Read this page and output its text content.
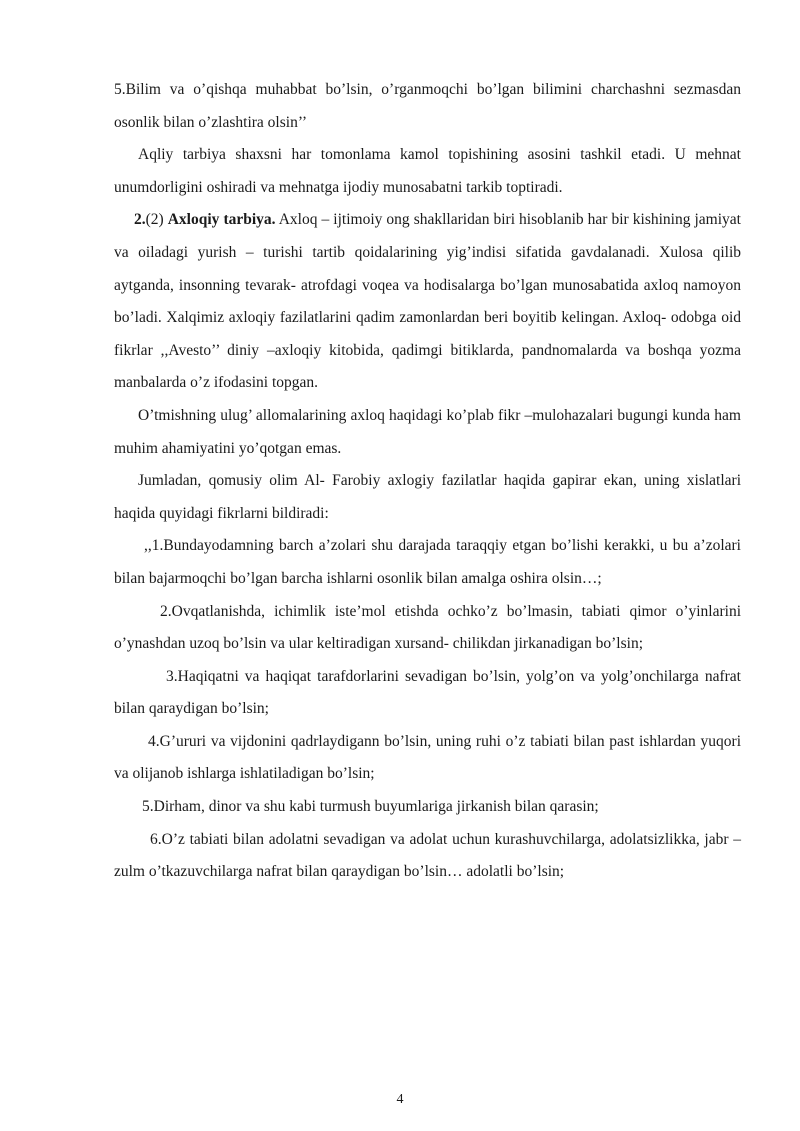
5.Bilim va o’qishqa muhabbat bo’lsin, o’rganmoqchi bo’lgan bilimini charchashni sezmasdan osonlik bilan o’zlashtira olsin’’

Aqliy tarbiya shaxsni har tomonlama kamol topishining asosini tashkil etadi. U mehnat unumdorligini oshiradi va mehnatga ijodiy munosabatni tarkib toptiradi.

2.(2) Axloqiy tarbiya. Axloq – ijtimoiy ong shakllaridan biri hisoblanib har bir kishining jamiyat va oiladagi yurish – turishi tartib qoidalarining yig’indisi sifatida gavdalanadi. Xulosa qilib aytganda, insonning tevarak- atrofdagi voqea va hodisalarga bo’lgan munosabatida axloq namoyon bo’ladi. Xalqimiz axloqiy fazilatlarini qadim zamonlardan beri boyitib kelingan. Axloq- odobga oid fikrlar ,,Avesto’’ diniy –axloqiy kitobida, qadimgi bitiklarda, pandnomalarda va boshqa yozma manbalarda o’z ifodasini topgan.

O’tmishning ulug’ allomalarining axloq haqidagi ko’plab fikr –mulohazalari bugungi kunda ham muhim ahamiyatini yo’qotgan emas.

Jumladan, qomusiy olim Al- Farobiy axlogiy fazilatlar haqida gapirar ekan, uning xislatlari haqida quyidagi fikrlarni bildiradi:

,,1.Bundayodamning barch a’zolari shu darajada taraqqiy etgan bo’lishi kerakki, u bu a’zolari bilan bajarmoqchi bo’lgan barcha ishlarni osonlik bilan amalga oshira olsin…;

2.Ovqatlanishda, ichimlik iste’mol etishda ochko’z bo’lmasin, tabiati qimor o’yinlarini o’ynashdan uzoq bo’lsin va ular keltiradigan xursand- chilikdan jirkanadigan bo’lsin;

3.Haqiqatni va haqiqat tarafdorlarini sevadigan bo’lsin, yolg’on va yolg’onchilarga nafrat bilan qaraydigan bo’lsin;

4.G’ururi va vijdonini qadrlaydigann bo’lsin, uning ruhi o’z tabiati bilan past ishlardan yuqori va olijanob ishlarga ishlatiladigan bo’lsin;

5.Dirham, dinor va shu kabi turmush buyumlariga jirkanish bilan qarasin;

6.O’z tabiati bilan adolatni sevadigan va adolat uchun kurashuvchilarga, adolatsizlikka, jabr –zulm o’tkazuvchilarga nafrat bilan qaraydigan bo’lsin… adolatli bo’lsin;

4
